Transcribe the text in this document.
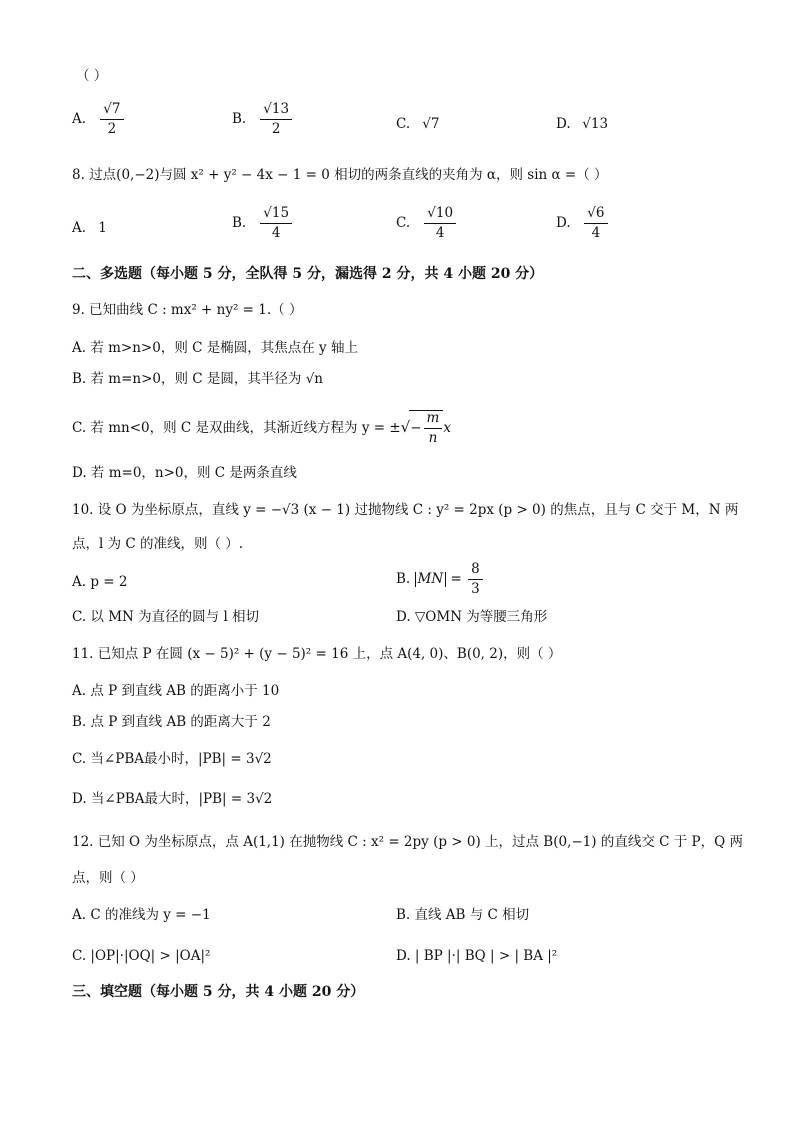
（ ）
A. $\frac{√7}{2}$	B. $\frac{√13}{2}$	C. √7	D. √13
8. 过点(0,−2)与圆 x² + y² − 4x − 1 = 0 相切的两条直线的夹角为 α，则 sin α =（ ）
A. 1	B. $\frac{√15}{4}$	C. $\frac{√10}{4}$	D. $\frac{√6}{4}$
二、多选题（每小题 5 分，全队得 5 分，漏选得 2 分，共 4 小题 20 分）
9. 已知曲线 C : mx² + ny² = 1.（ ）
A. 若 m>n>0，则 C 是椭圆，其焦点在 y 轴上
B. 若 m=n>0，则 C 是圆，其半径为 √n
C. 若 mn<0，则 C 是双曲线，其渐近线方程为 y = ±√− $\frac{m}{n}$ x
D. 若 m=0，n>0，则 C 是两条直线
10. 设 O 为坐标原点，直线 y = −√3 (x − 1) 过抛物线 C : y² = 2px (p > 0) 的焦点，且与 C 交于 M，N 两
点，l 为 C 的准线，则（ ）.
A. p = 2	B. MN = $\frac{8}{3}$
C. 以 MN 为直径的圆与 l 相切	D. ▽OMN 为等腰三角形
11. 已知点 P 在圆 (x − 5)² + (y − 5)² = 16 上，点 A(4, 0)、B(0, 2)，则（ ）
A. 点 P 到直线 AB 的距离小于 10
B. 点 P 到直线 AB 的距离大于 2
C. 当∠PBA最小时，|PB| = 3√2
D. 当∠PBA最大时，|PB| = 3√2
12. 已知 O 为坐标原点，点 A(1,1) 在抛物线 C : x² = 2py (p > 0) 上，过点 B(0,−1) 的直线交 C 于 P，Q 两
点，则（ ）
A. C 的准线为 y = −1	B. 直线 AB 与 C 相切
C. |OP|·|OQ| > |OA|²	D. | BP |·| BQ | > | BA |²
三、填空题（每小题 5 分，共 4 小题 20 分）
